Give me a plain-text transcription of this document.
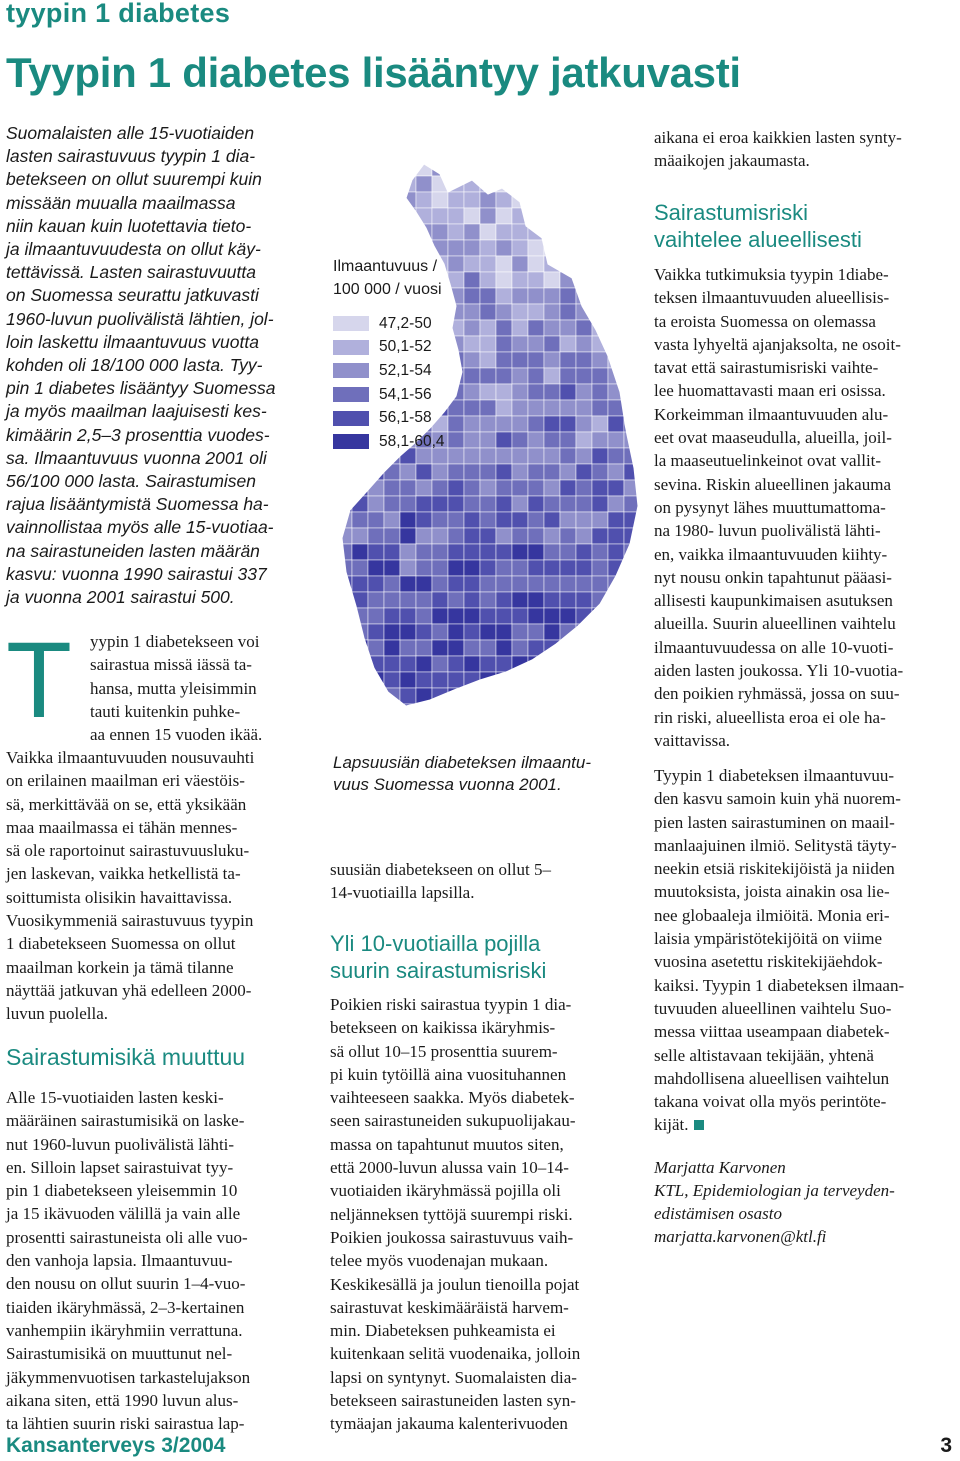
tyypin 1 diabetes
Tyypin 1 diabetes lisääntyy jatkuvasti
Suomalaisten alle 15-vuotiaiden
lasten sairastuvuus tyypin 1 dia-
betekseen on ollut suurempi kuin
missään muualla maailmassa
niin kauan kuin luotettavia tieto-
ja ilmaantuvuudesta on ollut käy-
tettävissä. Lasten sairastuvuutta
on Suomessa seurattu jatkuvasti
1960-luvun puolivälistä lähtien, jol-
loin laskettu ilmaantuvuus vuotta
kohden oli 18/100 000 lasta. Tyy-
pin 1 diabetes lisääntyy Suomessa
ja myös maailman laajuisesti kes-
kimäärin 2,5–3 prosenttia vuodes-
sa. Ilmaantuvuus vuonna 2001 oli
56/100 000 lasta. Sairastumisen
rajua lisääntymistä Suomessa ha-
vainnollistaa myös alle 15-vuotiaa-
na sairastuneiden lasten määrän
kasvu: vuonna 1990 sairastui 337
ja vuonna 2001 sairastui 500.
T yypin 1 diabetekseen voi
sairastua missä iässä ta-
hansa, mutta yleisimmin
tauti kuitenkin puhke-
aa ennen 15 vuoden ikää.
Vaikka ilmaantuvuuden nousuvauhti
on erilainen maailman eri väestöis-
sä, merkittävää on se, että yksikään
maa maailmassa ei tähän mennes-
sä ole raportoinut sairastuvuusluku-
jen laskevan, vaikka hetkellistä ta-
soittumista olisikin havaittavissa.
Vuosikymmeniä sairastuvuus tyypin
1 diabetekseen Suomessa on ollut
maailman korkein ja tämä tilanne
näyttää jatkuvan yhä edelleen 2000-
luvun puolella.
Sairastumisikä muuttuu
Alle 15-vuotiaiden lasten keski-
määräinen sairastumisikä on laske-
nut 1960-luvun puolivälistä lähti-
en. Silloin lapset sairastuivat tyy-
pin 1 diabetekseen yleisemmin 10
ja 15 ikävuoden välillä ja vain alle
prosentti sairastuneista oli alle vuo-
den vanhoja lapsia. Ilmaantuvuu-
den nousu on ollut suurin 1–4-vuo-
tiaiden ikäryhmässä, 2–3-kertainen
vanhempiin ikäryhmiin verrattuna.
Sairastumisikä on muuttunut nel-
jäkymmenvuotisen tarkastelujakson
aikana siten, että 1990 luvun alus-
ta lähtien suurin riski sairastua lap-
Ilmaantuvuus /
100 000 / vuosi
47,2-50
50,1-52
52,1-54
54,1-56
56,1-58
58,1-60,4
Lapsuusiän diabeteksen ilmaantu-
vuus Suomessa vuonna 2001.
suusiän diabetekseen on ollut 5–
14-vuotiailla lapsilla.
Yli 10-vuotiailla pojilla
suurin sairastumisriski
Poikien riski sairastua tyypin 1 dia-
betekseen on kaikissa ikäryhmis-
sä ollut 10–15 prosenttia suurem-
pi kuin tytöillä aina vuosituhannen
vaihteeseen saakka. Myös diabetek-
seen sairastuneiden sukupuolijakau-
massa on tapahtunut muutos siten,
että 2000-luvun alussa vain 10–14-
vuotiaiden ikäryhmässä pojilla oli
neljänneksen tyttöjä suurempi riski.
Poikien joukossa sairastuvuus vaih-
telee myös vuodenajan mukaan.
Keskikesällä ja joulun tienoilla pojat
sairastuvat keskimääräistä harvem-
min. Diabeteksen puhkeamista ei
kuitenkaan selitä vuodenaika, jolloin
lapsi on syntynyt. Suomalaisten dia-
betekseen sairastuneiden lasten syn-
tymäajan jakauma kalenterivuoden
aikana ei eroa kaikkien lasten synty-
mäaikojen jakaumasta.
Sairastumisriski
vaihtelee alueellisesti
Vaikka tutkimuksia tyypin 1diabe-
teksen ilmaantuvuuden alueellisis-
ta eroista Suomessa on olemassa
vasta lyhyeltä ajanjaksolta, ne osoit-
tavat että sairastumisriski vaihte-
lee huomattavasti maan eri osissa.
Korkeimman ilmaantuvuuden alu-
eet ovat maaseudulla, alueilla, joil-
la maaseutuelinkeinot ovat vallit-
sevina. Riskin alueellinen jakauma
on pysynyt lähes muuttumattoma-
na 1980- luvun puolivälistä lähti-
en, vaikka ilmaantuvuuden kiihty-
nyt nousu onkin tapahtunut pääasi-
allisesti kaupunkimaisen asutuksen
alueilla. Suurin alueellinen vaihtelu
ilmaantuvuudessa on alle 10-vuoti-
aiden lasten joukossa. Yli 10-vuotia-
den poikien ryhmässä, jossa on suu-
rin riski, alueellista eroa ei ole ha-
vaittavissa.
Tyypin 1 diabeteksen ilmaantuvuu-
den kasvu samoin kuin yhä nuorem-
pien lasten sairastuminen on maail-
manlaajuinen ilmiö. Selitystä täyty-
neekin etsiä riskitekijöistä ja niiden
muutoksista, joista ainakin osa lie-
nee globaaleja ilmiöitä. Monia eri-
laisia ympäristötekijöitä on viime
vuosina asetettu riskitekijäehdok-
kaiksi. Tyypin 1 diabeteksen ilmaan-
tuvuuden alueellinen vaihtelu Suo-
messa viittaa useampaan diabetek-
selle altistavaan tekijään, yhtenä
mahdollisena alueellisen vaihtelun
takana voivat olla myös perintöte-
kijät.
Marjatta Karvonen
KTL, Epidemiologian ja terveyden-
edistämisen osasto
marjatta.karvonen@ktl.fi
Kansanterveys 3/2004	3
